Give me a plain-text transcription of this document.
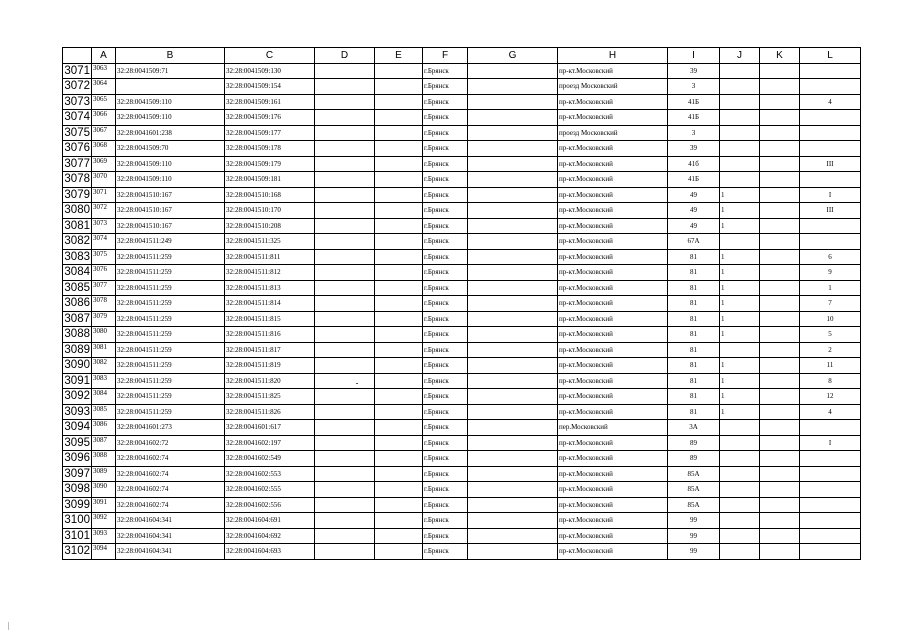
	A	B	C	D	E	F	G	H	I	J	K	L
3071	3063	32:28:0041509:71	32:28:0041509:130			г.Брянск		пр-кт.Московский	39			
3072	3064		32:28:0041509:154			г.Брянск		проезд Московский	3			
3073	3065	32:28:0041509:110	32:28:0041509:161			г.Брянск		пр-кт.Московский	41Б			4
3074	3066	32:28:0041509:110	32:28:0041509:176			г.Брянск		пр-кт.Московский	41Б			
3075	3067	32:28:0041601:238	32:28:0041509:177			г.Брянск		проезд Московский	3			
3076	3068	32:28:0041509:70	32:28:0041509:178			г.Брянск		пр-кт.Московский	39			
3077	3069	32:28:0041509:110	32:28:0041509:179			г.Брянск		пр-кт.Московский	41б			III
3078	3070	32:28:0041509:110	32:28:0041509:181			г.Брянск		пр-кт.Московский	41Б			
3079	3071	32:28:0041510:167	32:28:0041510:168			г.Брянск		пр-кт.Московский	49	1		I
3080	3072	32:28:0041510:167	32:28:0041510:170			г.Брянск		пр-кт.Московский	49	1		III
3081	3073	32:28:0041510:167	32:28:0041510:208			г.Брянск		пр-кт.Московский	49	1		
3082	3074	32:28:0041511:249	32:28:0041511:325			г.Брянск		пр-кт.Московский	67А			
3083	3075	32:28:0041511:259	32:28:0041511:811			г.Брянск		пр-кт.Московский	81	1		6
3084	3076	32:28:0041511:259	32:28:0041511:812			г.Брянск		пр-кт.Московский	81	1		9
3085	3077	32:28:0041511:259	32:28:0041511:813			г.Брянск		пр-кт.Московский	81	1		1
3086	3078	32:28:0041511:259	32:28:0041511:814			г.Брянск		пр-кт.Московский	81	1		7
3087	3079	32:28:0041511:259	32:28:0041511:815			г.Брянск		пр-кт.Московский	81	1		10
3088	3080	32:28:0041511:259	32:28:0041511:816			г.Брянск		пр-кт.Московский	81	1		5
3089	3081	32:28:0041511:259	32:28:0041511:817			г.Брянск		пр-кт.Московский	81			2
3090	3082	32:28:0041511:259	32:28:0041511:819			г.Брянск		пр-кт.Московский	81	1		11
3091	3083	32:28:0041511:259	32:28:0041511:820			г.Брянск		пр-кт.Московский	81	1		8
3092	3084	32:28:0041511:259	32:28:0041511:825			г.Брянск		пр-кт.Московский	81	1		12
3093	3085	32:28:0041511:259	32:28:0041511:826			г.Брянск		пр-кт.Московский	81	1		4
3094	3086	32:28:0041601:273	32:28:0041601:617			г.Брянск		пер.Московский	3А			
3095	3087	32:28:0041602:72	32:28:0041602:197			г.Брянск		пр-кт.Московский	89			I
3096	3088	32:28:0041602:74	32:28:0041602:549			г.Брянск		пр-кт.Московский	89			
3097	3089	32:28:0041602:74	32:28:0041602:553			г.Брянск		пр-кт.Московский	85А			
3098	3090	32:28:0041602:74	32:28:0041602:555			г.Брянск		пр-кт.Московский	85А			
3099	3091	32:28:0041602:74	32:28:0041602:556			г.Брянск		пр-кт.Московский	85А			
3100	3092	32:28:0041604:341	32:28:0041604:691			г.Брянск		пр-кт.Московский	99			
3101	3093	32:28:0041604:341	32:28:0041604:692			г.Брянск		пр-кт.Московский	99			
3102	3094	32:28:0041604:341	32:28:0041604:693			г.Брянск		пр-кт.Московский	99			
